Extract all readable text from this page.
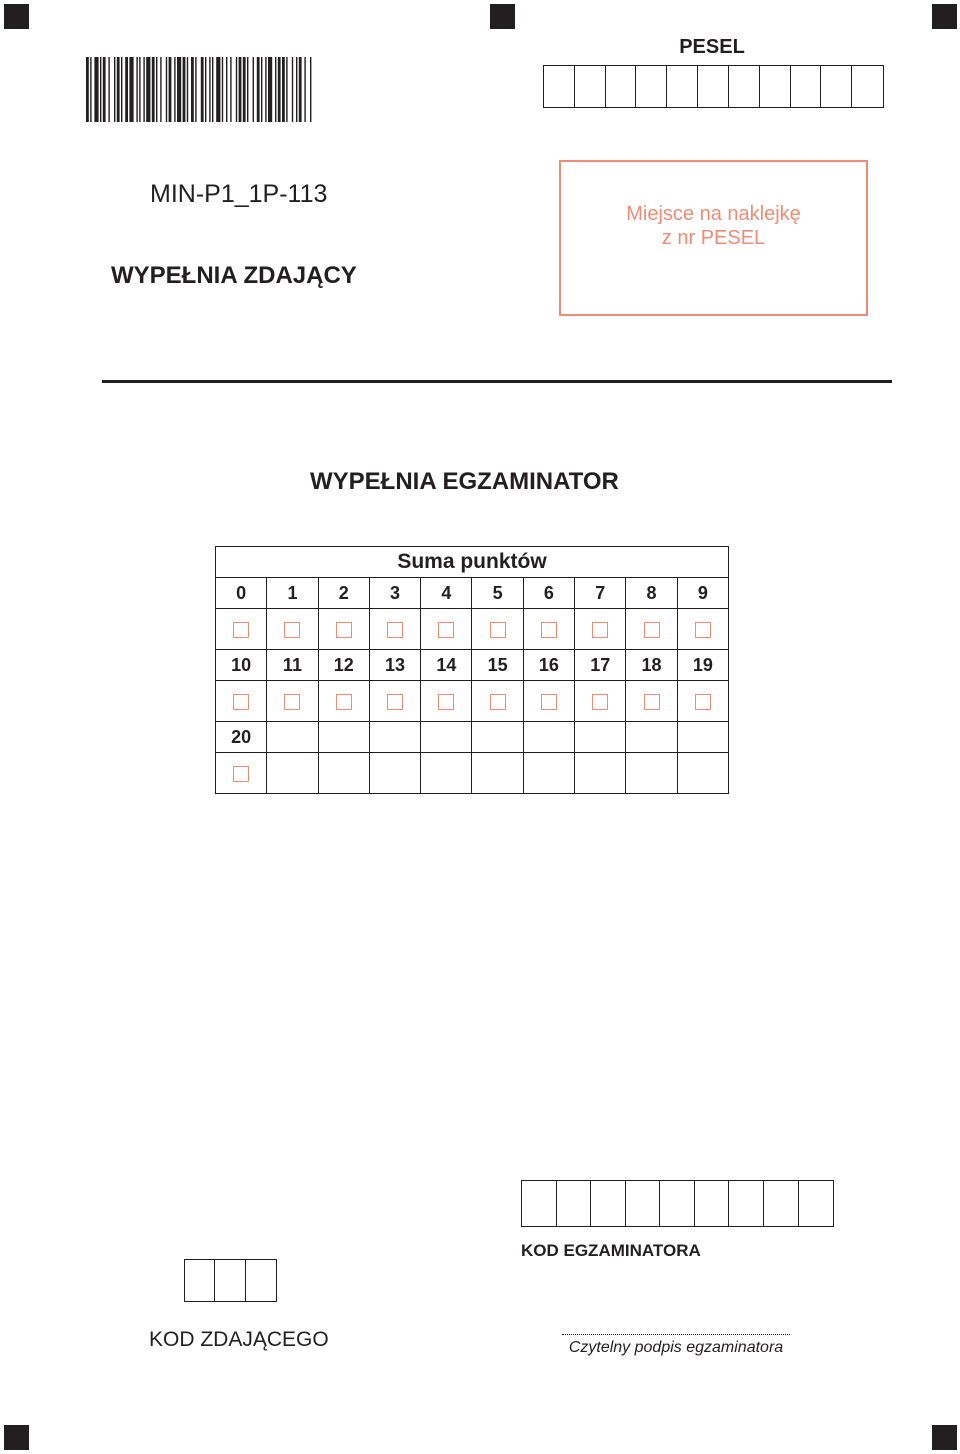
PESEL
MIN-P1_1P-113
WYPEŁNIA ZDAJĄCY
Miejsce na naklejkę
z nr PESEL
WYPEŁNIA EGZAMINATOR
Suma punktów									
0	1	2	3	4	5	6	7	8	9

10	11	12	13	14	15	16	17	18	19

20									

KOD EGZAMINATORA
KOD ZDAJĄCEGO	Czytelny podpis egzaminatora
